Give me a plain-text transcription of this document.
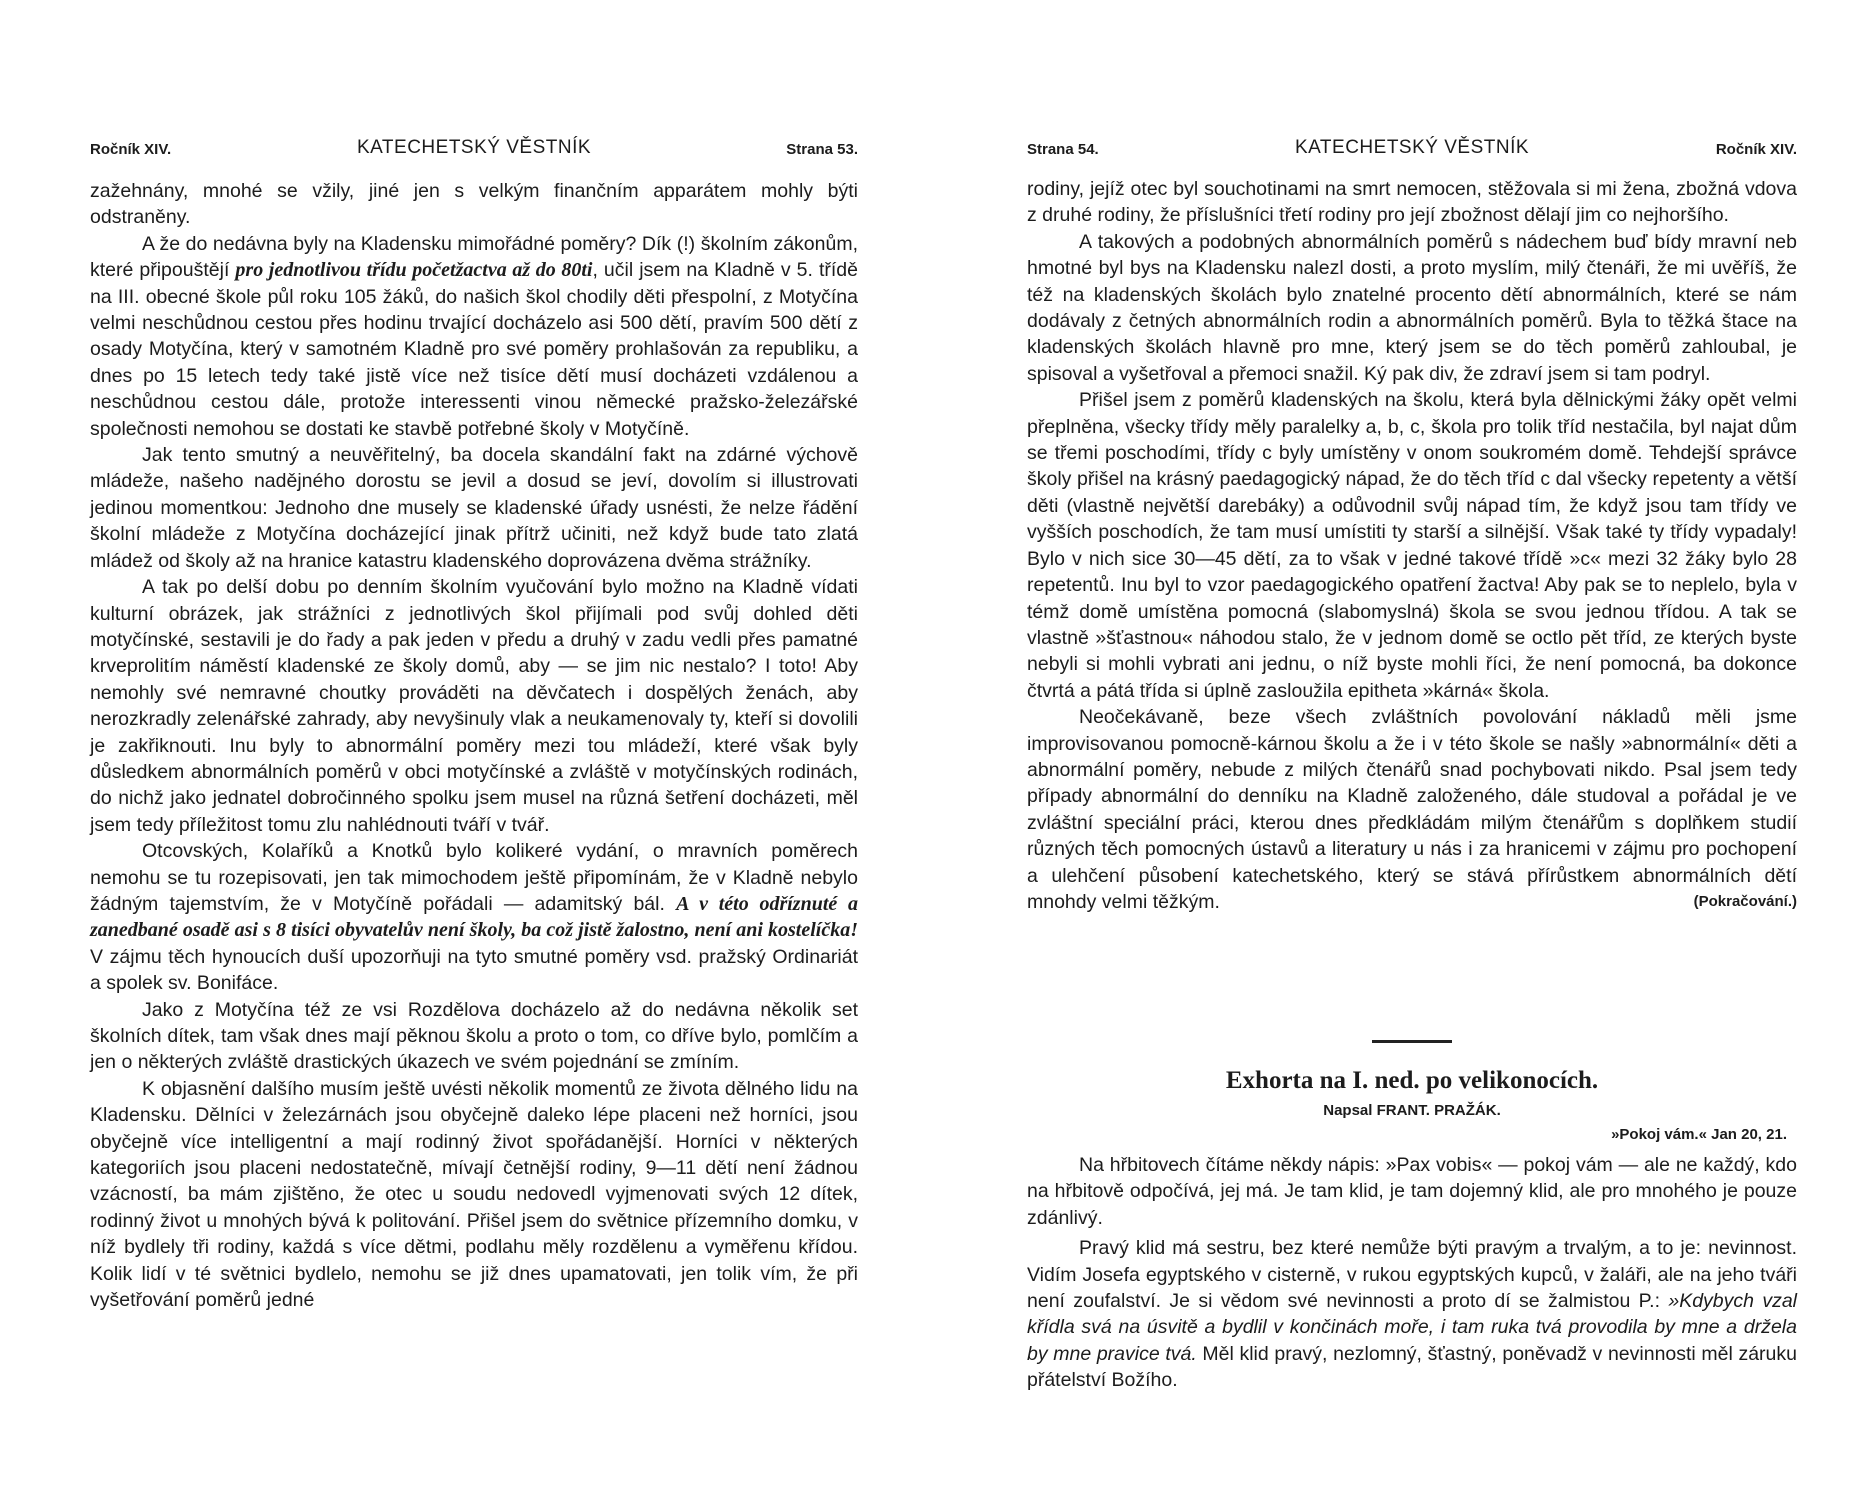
Ročník XIV.	KATECHETSKÝ VĚSTNÍK	Strana 53.

zažehnány, mnohé se vžily, jiné jen s velkým finančním apparátem mohly býti odstraněny.

A že do nedávna byly na Kladensku mimořádné poměry? Dík (!) školním zákonům, které připouštějí pro jednotlivou třídu početžactva až do 80ti, učil jsem na Kladně v 5. třídě na III. obecné škole půl roku 105 žáků, do našich škol chodily děti přespolní, z Motyčína velmi neschůdnou cestou přes hodinu trvající docházelo asi 500 dětí, pravím 500 dětí z osady Motyčína, který v samotném Kladně pro své poměry prohlašován za republiku, a dnes po 15 letech tedy také jistě více než tisíce dětí musí docházeti vzdálenou a neschůdnou cestou dále, protože interessenti vinou německé pražsko-železářské společnosti nemohou se dostati ke stavbě potřebné školy v Motyčíně.

Jak tento smutný a neuvěřitelný, ba docela skandální fakt na zdárné výchově mládeže, našeho nadějného dorostu se jevil a dosud se jeví, dovolím si illustrovati jedinou momentkou: Jednoho dne musely se kladenské úřady usnésti, že nelze řádění školní mládeže z Motyčína docházející jinak přítrž učiniti, než když bude tato zlatá mládež od školy až na hranice katastru kladenského doprovázena dvěma strážníky.

A tak po delší dobu po denním školním vyučování bylo možno na Kladně vídati kulturní obrázek, jak strážníci z jednotlivých škol přijímali pod svůj dohled děti motyčínské, sestavili je do řady a pak jeden v předu a druhý v zadu vedli přes pamatné krveprolitím náměstí kladenské ze školy domů, aby — se jim nic nestalo? I toto! Aby nemohly své nemravné choutky prováděti na děvčatech i dospělých ženách, aby nerozkradly zelenářské zahrady, aby nevyšinuly vlak a neukamenovaly ty, kteří si dovolili je zakřiknouti. Inu byly to abnormální poměry mezi tou mládeží, které však byly důsledkem abnormálních poměrů v obci motyčínské a zvláště v motyčínských rodinách, do nichž jako jednatel dobročinného spolku jsem musel na různá šetření docházeti, měl jsem tedy příležitost tomu zlu nahlédnouti tváří v tvář.

Otcovských, Kolaříků a Knotků bylo kolikeré vydání, o mravních poměrech nemohu se tu rozepisovati, jen tak mimochodem ještě připomínám, že v Kladně nebylo žádným tajemstvím, že v Motyčíně pořádali — adamitský bál. A v této odříznuté a zanedbané osadě asi s 8 tisíci obyvatelův není školy, ba což jistě žalostno, není ani kostelíčka! V zájmu těch hynoucích duší upozorňuji na tyto smutné poměry vsd. pražský Ordinariát a spolek sv. Bonifáce.

Jako z Motyčína též ze vsi Rozdělova docházelo až do nedávna několik set školních dítek, tam však dnes mají pěknou školu a proto o tom, co dříve bylo, pomlčím a jen o některých zvláště drastických úkazech ve svém pojednání se zmíním.

K objasnění dalšího musím ještě uvésti několik momentů ze života dělného lidu na Kladensku. Dělníci v železárnách jsou obyčejně daleko lépe placeni než horníci, jsou obyčejně více intelligentní a mají rodinný život spořádanější. Horníci v některých kategoriích jsou placeni nedostatečně, mívají četnější rodiny, 9—11 dětí není žádnou vzácností, ba mám zjištěno, že otec u soudu nedovedl vyjmenovati svých 12 dítek, rodinný život u mnohých bývá k politování. Přišel jsem do světnice přízemního domku, v níž bydlely tři rodiny, každá s více dětmi, podlahu měly rozdělenu a vyměřenu křídou. Kolik lidí v té světnici bydlelo, nemohu se již dnes upamatovati, jen tolik vím, že při vyšetřování poměrů jedné

Strana 54.	KATECHETSKÝ VĚSTNÍK	Ročník XIV.

rodiny, jejíž otec byl souchotinami na smrt nemocen, stěžovala si mi žena, zbožná vdova z druhé rodiny, že příslušníci třetí rodiny pro její zbožnost dělají jim co nejhoršího.

A takových a podobných abnormálních poměrů s nádechem buď bídy mravní neb hmotné byl bys na Kladensku nalezl dosti, a proto myslím, milý čtenáři, že mi uvěříš, že též na kladenských školách bylo znatelné procento dětí abnormálních, které se nám dodávaly z četných abnormálních rodin a abnormálních poměrů. Byla to těžká štace na kladenských školách hlavně pro mne, který jsem se do těch poměrů zahloubal, je spisoval a vyšetřoval a přemoci snažil. Ký pak div, že zdraví jsem si tam podryl.

Přišel jsem z poměrů kladenských na školu, která byla dělnickými žáky opět velmi přeplněna, všecky třídy měly paralelky a, b, c, škola pro tolik tříd nestačila, byl najat dům se třemi poschodími, třídy c byly umístěny v onom soukromém domě. Tehdejší správce školy přišel na krásný paedagogický nápad, že do těch tříd c dal všecky repetenty a větší děti (vlastně největší darebáky) a odůvodnil svůj nápad tím, že když jsou tam třídy ve vyšších poschodích, že tam musí umístiti ty starší a silnější. Však také ty třídy vypadaly! Bylo v nich sice 30—45 dětí, za to však v jedné takové třídě »c« mezi 32 žáky bylo 28 repetentů. Inu byl to vzor paedagogického opatření žactva! Aby pak se to neplelo, byla v témž domě umístěna pomocná (slabomyslná) škola se svou jednou třídou. A tak se vlastně »šťastnou« náhodou stalo, že v jednom domě se octlo pět tříd, ze kterých byste nebyli si mohli vybrati ani jednu, o níž byste mohli říci, že není pomocná, ba dokonce čtvrtá a pátá třída si úplně zasloužila epitheta »kárná« škola.

Neočekávaně, beze všech zvláštních povolování nákladů měli jsme improvisovanou pomocně-kárnou školu a že i v této škole se našly »abnormální« děti a abnormální poměry, nebude z milých čtenářů snad pochybovati nikdo. Psal jsem tedy případy abnormální do denníku na Kladně založeného, dále studoval a pořádal je ve zvláštní speciální práci, kterou dnes předkládám milým čtenářům s doplňkem studií různých těch pomocných ústavů a literatury u nás i za hranicemi v zájmu pro pochopení a ulehčení působení katechetského, který se stává přírůstkem abnormálních dětí mnohdy velmi těžkým.	(Pokračování.)
Exhorta na I. ned. po velikonocích.
Napsal FRANT. PRAŽÁK.
»Pokoj vám.« Jan 20, 21.

Na hřbitovech čítáme někdy nápis: »Pax vobis« — pokoj vám — ale ne každý, kdo na hřbitově odpočívá, jej má. Je tam klid, je tam dojemný klid, ale pro mnohého je pouze zdánlivý.

Pravý klid má sestru, bez které nemůže býti pravým a trvalým, a to je: nevinnost. Vidím Josefa egyptského v cisterně, v rukou egyptských kupců, v žaláři, ale na jeho tváři není zoufalství. Je si vědom své nevinnosti a proto dí se žalmistou P.: »Kdybych vzal křídla svá na úsvitě a bydlil v končinách moře, i tam ruka tvá provodila by mne a držela by mne pravice tvá. Měl klid pravý, nezlomný, šťastný, poněvadž v nevinnosti měl záruku přátelství Božího.
